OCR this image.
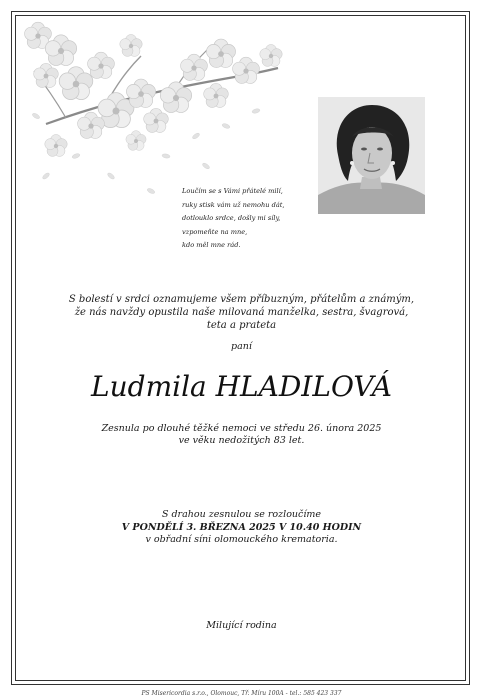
Loučím se s Vámi přátelé milí,
ruky stisk vám už nemohu dát,
dotlouklo srdce, došly mi síly,
vzpomeňte na mne,
kdo měl mne rád.
S bolestí v srdci oznamujeme všem příbuzným, přátelům a známým,
že nás navždy opustila naše milovaná manželka, sestra, švagrová,
teta a prateta
paní
Ludmila HLADILOVÁ
Zesnula po dlouhé těžké nemoci ve středu 26. února 2025
ve věku nedožitých 83 let.
S drahou zesnulou se rozloučíme
V PONDĚLÍ 3. BŘEZNA 2025 V 10.40 HODIN
v obřadní síni olomouckého krematoria.
Milující rodina
PS Misericordia s.r.o., Olomouc, Tř. Míru 100A - tel.: 585 423 337
